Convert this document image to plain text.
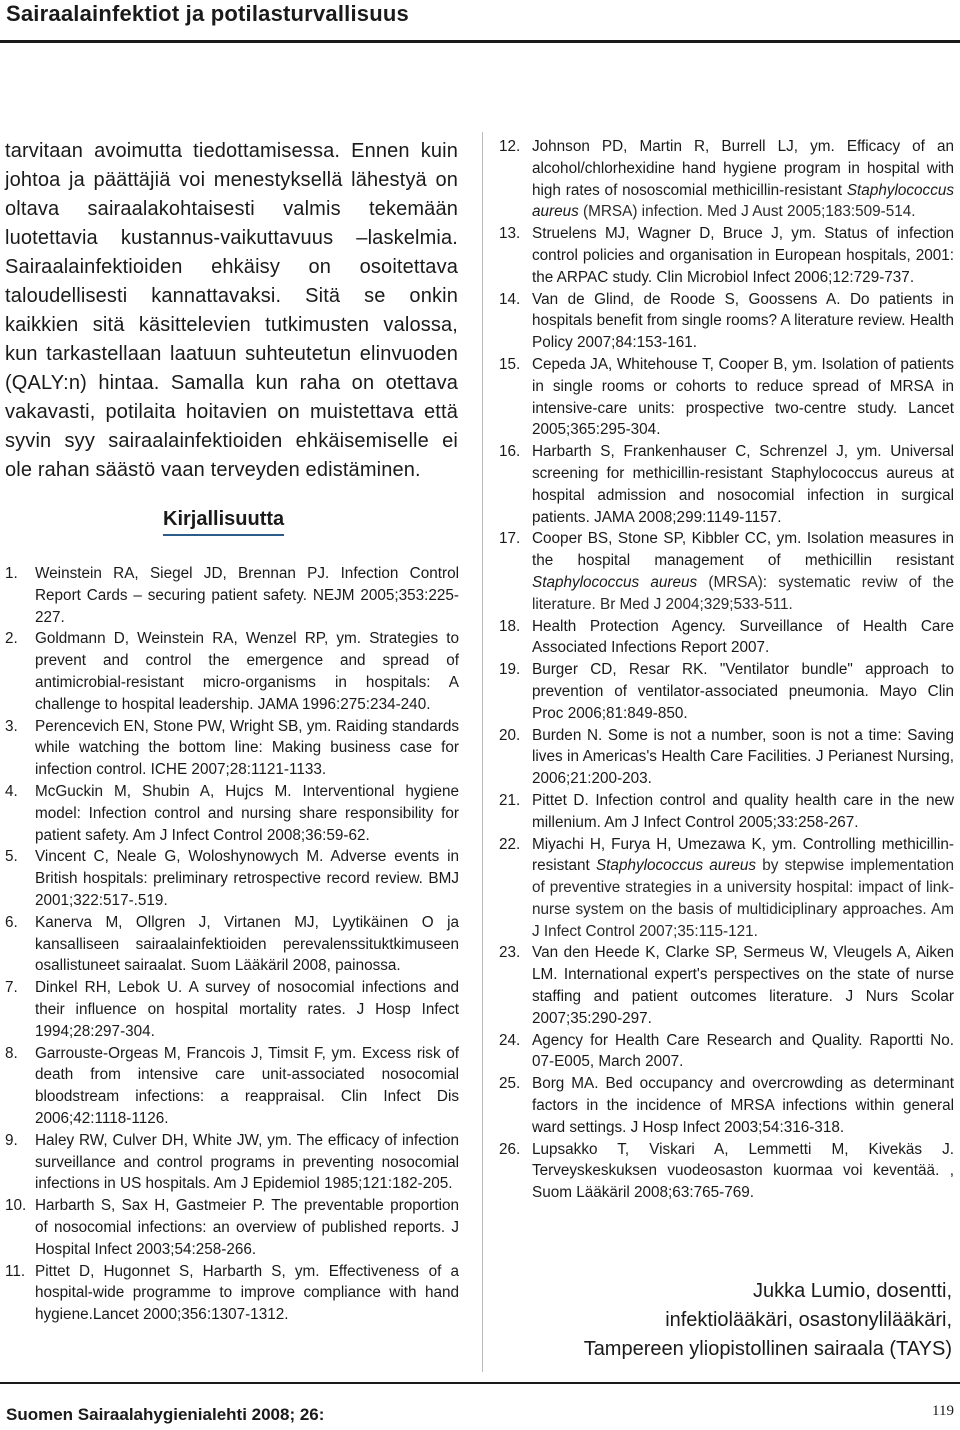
Sairaalainfektiot ja potilasturvallisuus

tarvitaan avoimutta tiedottamisessa. Ennen kuin johtoa ja päättäjiä voi menestyksellä lähestyä on oltava sairaalakohtaisesti valmis tekemään luotettavia kustannus-vaikuttavuus –laskelmia. Sairaalainfektioiden ehkäisy on osoitettava taloudellisesti kannattavaksi. Sitä se onkin kaikkien sitä käsittelevien tutkimusten valossa, kun tarkastellaan laatuun suhteutetun elinvuoden (QALY:n) hintaa. Samalla kun raha on otettava vakavasti, potilaita hoitavien on muistettava että syvin syy sairaalainfektioiden ehkäisemiselle ei ole rahan säästö vaan terveyden edistäminen.

Kirjallisuutta
1. Weinstein RA, Siegel JD, Brennan PJ. Infection Control Report Cards – securing patient safety. NEJM 2005;353:225-227.
2. Goldmann D, Weinstein RA, Wenzel RP, ym. Strategies to prevent and control the emergence and spread of antimicrobial-resistant micro-organisms in hospitals: A challenge to hospital leadership. JAMA 1996:275:234-240.
3. Perencevich EN, Stone PW, Wright SB, ym. Raiding standards while watching the bottom line: Making business case for infection control. ICHE 2007;28:1121-1133.
4. McGuckin M, Shubin A, Hujcs M. Interventional hygiene model: Infection control and nursing share responsibility for patient safety. Am J Infect Control 2008;36:59-62.
5. Vincent C, Neale G, Woloshynowych M. Adverse events in British hospitals: preliminary retrospective record review. BMJ 2001;322:517-.519.
6. Kanerva M, Ollgren J, Virtanen MJ, Lyytikäinen O ja kansalliseen sairaalainfektioiden perevalenssituktkimuseen osallistuneet sairaalat. Suom Lääkäril 2008, painossa.
7. Dinkel RH, Lebok U. A survey of nosocomial infections and their influence on hospital mortality rates. J Hosp Infect 1994;28:297-304.
8. Garrouste-Orgeas M, Francois J, Timsit F, ym. Excess risk of death from intensive care unit-associated nosocomial bloodstream infections: a reappraisal. Clin Infect Dis 2006;42:1118-1126.
9. Haley RW, Culver DH, White JW, ym. The efficacy of infection surveillance and control programs in preventing nosocomial infections in US hospitals. Am J Epidemiol 1985;121:182-205.
10. Harbarth S, Sax H, Gastmeier P. The preventable proportion of nosocomial infections: an overview of published reports. J Hospital Infect 2003;54:258-266.
11. Pittet D, Hugonnet S, Harbarth S, ym. Effectiveness of a hospital-wide programme to improve compliance with hand hygiene.Lancet 2000;356:1307-1312.
12. Johnson PD, Martin R, Burrell LJ, ym. Efficacy of an alcohol/chlorhexidine hand hygiene program in hospital with high rates of nososcomial methicillin-resistant Staphylococcus aureus (MRSA) infection. Med J Aust 2005;183:509-514.
13. Struelens MJ, Wagner D, Bruce J, ym. Status of infection control policies and organisation in European hospitals, 2001: the ARPAC study. Clin Microbiol Infect 2006;12:729-737.
14. Van de Glind, de Roode S, Goossens A. Do patients in hospitals benefit from single rooms? A literature review. Health Policy 2007;84:153-161.
15. Cepeda JA, Whitehouse T, Cooper B, ym. Isolation of patients in single rooms or cohorts to reduce spread of MRSA in intensive-care units: prospective two-centre study. Lancet 2005;365:295-304.
16. Harbarth S, Frankenhauser C, Schrenzel J, ym. Universal screening for methicillin-resistant Staphylococcus aureus at hospital admission and nosocomial infection in surgical patients. JAMA 2008;299:1149-1157.
17. Cooper BS, Stone SP, Kibbler CC, ym. Isolation measures in the hospital management of methicillin resistantStaphylococcus aureus (MRSA): systematic reviw of the literature. Br Med J 2004;329;533-511.
18. Health Protection Agency. Surveillance of Health Care Associated Infections Report 2007.
19. Burger CD, Resar RK. "Ventilator bundle" approach to prevention of ventilator-associated pneumonia. Mayo Clin Proc 2006;81:849-850.
20. Burden N. Some is not a number, soon is not a time: Saving lives in Americas's Health Care Facilities. J Perianest Nursing, 2006;21:200-203.
21. Pittet D. Infection control and quality health care in the new millenium. Am J Infect Control 2005;33:258-267.
22. Miyachi H, Furya H, Umezawa K, ym. Controlling methicillin-resistant Staphylococcus aureus by stepwise implementation of preventive strategies in a university hospital: impact of link-nurse system on the basis of multidiciplinary approaches. Am J Infect Control 2007;35:115-121.
23. Van den Heede K, Clarke SP, Sermeus W, Vleugels A, Aiken LM. International expert's perspectives on the state of nurse staffing and patient outcomes literature. J Nurs Scolar 2007;35:290-297.
24. Agency for Health Care Research and Quality. Raportti No. 07-E005, March 2007.
25. Borg MA. Bed occupancy and overcrowding as determinant factors in the incidence of MRSA infections within general ward settings. J Hosp Infect 2003;54:316-318.
26. Lupsakko T, Viskari A, Lemmetti M, Kivekäs J. Terveyskeskuksen vuodeosaston kuormaa voi keventää. , Suom Lääkäril 2008;63:765-769.
Jukka Lumio, dosentti,
infektiolääkäri, osastonylilääkäri,
Tampereen yliopistollinen sairaala (TAYS)
Suomen Sairaalahygienialehti 2008; 26:	119
